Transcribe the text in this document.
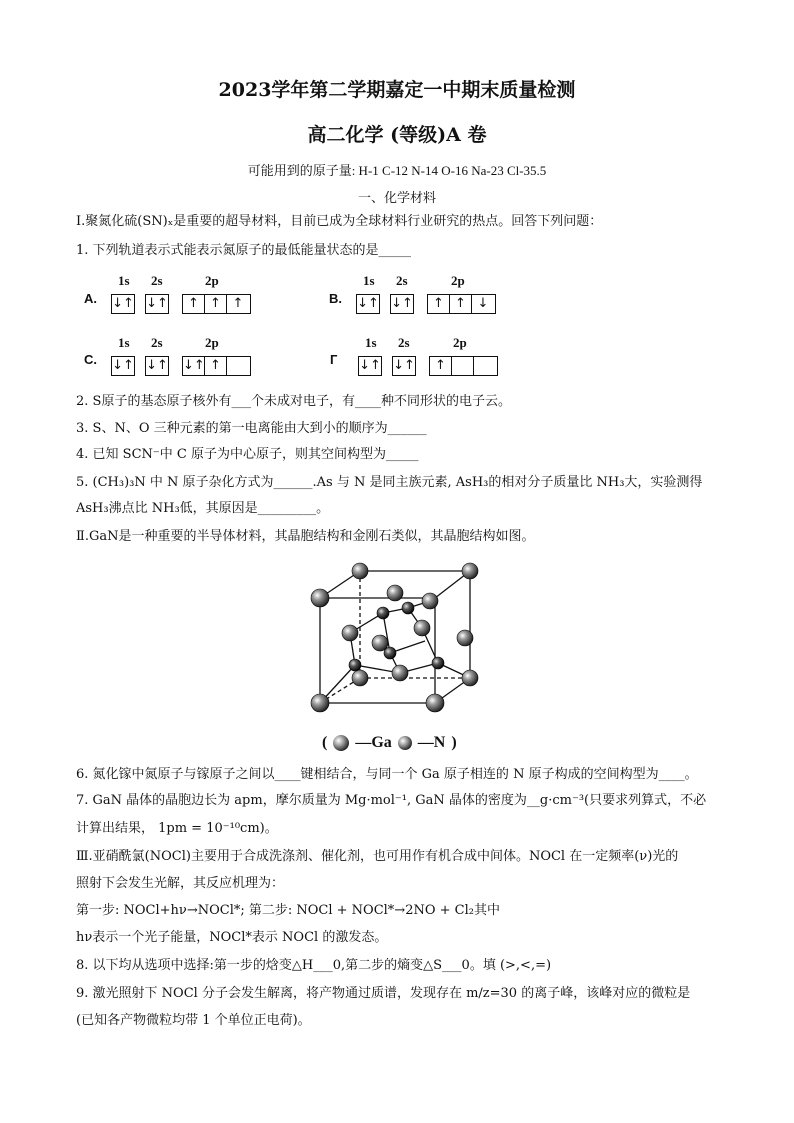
2023学年第二学期嘉定一中期末质量检测
高二化学 (等级)A 卷
可能用到的原子量: H-1 C-12 N-14 O-16 Na-23 Cl-35.5
一、化学材料
I.聚氮化硫(SN)ₓ是重要的超导材料，目前已成为全球材料行业研究的热点。回答下列问题：
1. 下列轨道表示式能表示氮原子的最低能量状态的是_____
1s 2s	2p
A. ↓↑ ↓↑	↑ ↑ ↑
1s 2s	2p
B. ↓↑ ↓↑	↑ ↑ ↓
1s 2s	2p
C. ↓↑ ↓↑ ↓↑ ↑
1s 2s	2p
Г ↓↑ ↓↑	↑
2. S原子的基态原子核外有___个未成对电子，有____种不同形状的电子云。
3. S、N、O 三种元素的第一电离能由大到小的顺序为______
4. 已知 SCN⁻中 C 原子为中心原子，则其空间构型为_____
5. (CH₃)₃N 中 N 原子杂化方式为______.As 与 N 是同主族元素, AsH₃的相对分子质量比 NH₃大，实验测得
AsH₃沸点比 NH₃低，其原因是_________。
Ⅱ.GaN是一种重要的半导体材料，其晶胞结构和金刚石类似，其晶胞结构如图。
( —Ga —N )
6. 氮化镓中氮原子与镓原子之间以____键相结合，与同一个 Ga 原子相连的 N 原子构成的空间构型为____。
7. GaN 晶体的晶胞边长为 apm，摩尔质量为 Mg·mol⁻¹, GaN 晶体的密度为__g·cm⁻³(只要求列算式，不必
计算出结果， 1pm = 10⁻¹⁰cm)。
Ⅲ.亚硝酰氯(NOCl)主要用于合成洗涤剂、催化剂，也可用作有机合成中间体。NOCl 在一定频率(ν)光的
照射下会发生光解，其反应机理为：
第一步: NOCl+hν→NOCl*; 第二步: NOCl + NOCl*→2NO + Cl₂其中
hν表示一个光子能量，NOCl*表示 NOCl 的激发态。
8. 以下均从选项中选择:第一步的焓变△H___0,第二步的熵变△S___0。填 (>,<,=)
9. 激光照射下 NOCl 分子会发生解离，将产物通过质谱，发现存在 m/z=30 的离子峰，该峰对应的微粒是
(已知各产物微粒均带 1 个单位正电荷)。
